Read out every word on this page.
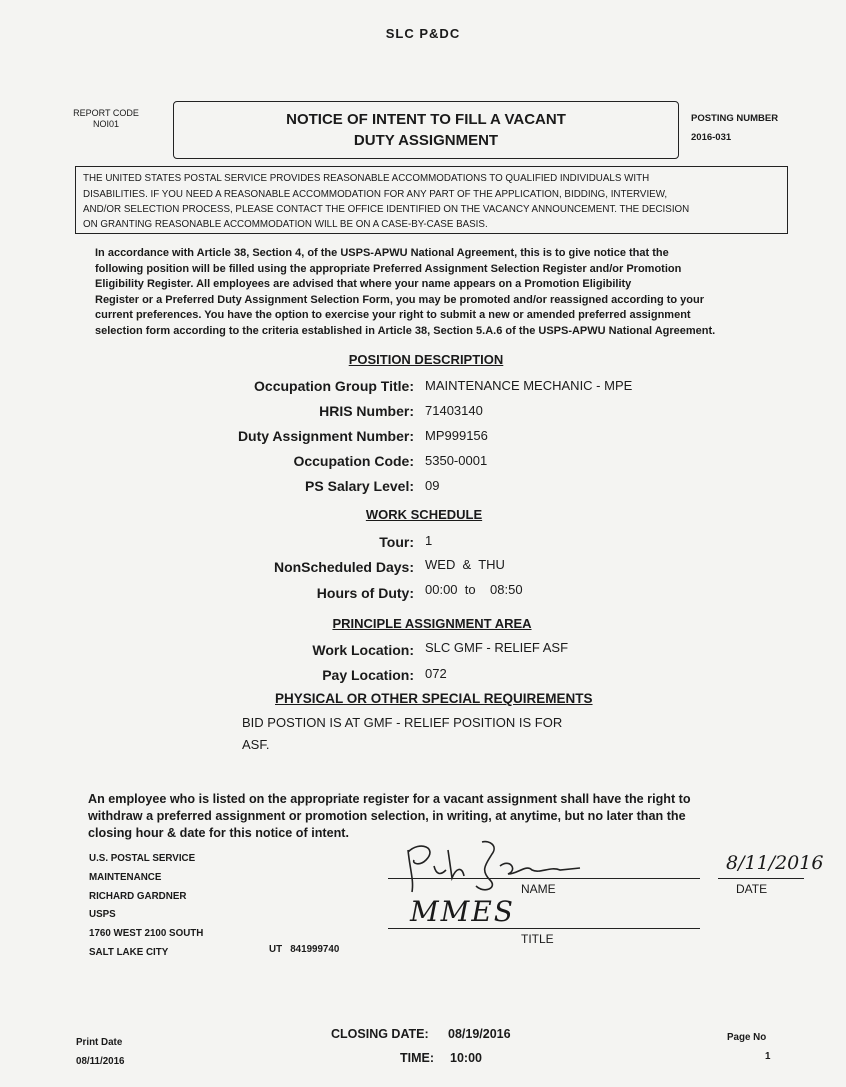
SLC P&DC
REPORT CODE
NOI01	NOTICE OF INTENT TO FILL A VACANT
DUTY ASSIGNMENT
POSTING NUMBER
2016-031
THE UNITED STATES POSTAL SERVICE PROVIDES REASONABLE ACCOMMODATIONS TO QUALIFIED INDIVIDUALS WITH
DISABILITIES. IF YOU NEED A REASONABLE ACCOMMODATION FOR ANY PART OF THE APPLICATION, BIDDING, INTERVIEW,
AND/OR SELECTION PROCESS, PLEASE CONTACT THE OFFICE IDENTIFIED ON THE VACANCY ANNOUNCEMENT. THE DECISION
ON GRANTING REASONABLE ACCOMMODATION WILL BE ON A CASE-BY-CASE BASIS.
In accordance with Article 38, Section 4, of the USPS-APWU National Agreement, this is to give notice that the
following position will be filled using the appropriate Preferred Assignment Selection Register and/or Promotion
Eligibility Register. All employees are advised that where your name appears on a Promotion Eligibility
Register or a Preferred Duty Assignment Selection Form, you may be promoted and/or reassigned according to your
current preferences. You have the option to exercise your right to submit a new or amended preferred assignment
selection form according to the criteria established in Article 38, Section 5.A.6 of the USPS-APWU National Agreement.
POSITION DESCRIPTION
Occupation Group Title: MAINTENANCE MECHANIC - MPE
HRIS Number: 71403140
Duty Assignment Number: MP999156
Occupation Code: 5350-0001
PS Salary Level: 09
WORK SCHEDULE
Tour: 1
NonScheduled Days: WED  &  THU
Hours of Duty: 00:00  to    08:50
PRINCIPLE ASSIGNMENT AREA
Work Location: SLC GMF - RELIEF ASF
Pay Location: 072
PHYSICAL OR OTHER SPECIAL REQUIREMENTS
BID POSTION IS AT GMF - RELIEF POSITION IS FOR
ASF.
An employee who is listed on the appropriate register for a vacant assignment shall have the right to
withdraw a preferred assignment or promotion selection, in writing, at anytime, but no later than the
closing hour & date for this notice of intent.
U.S. POSTAL SERVICE
MAINTENANCE
RICHARD GARDNER
USPS
1760 WEST 2100 SOUTH
SALT LAKE CITY	UT   841999740
NAME
8/11/2016
DATE
MMES
TITLE
Print Date
08/11/2016
CLOSING DATE: 08/19/2016
TIME: 10:00
Page No
1
